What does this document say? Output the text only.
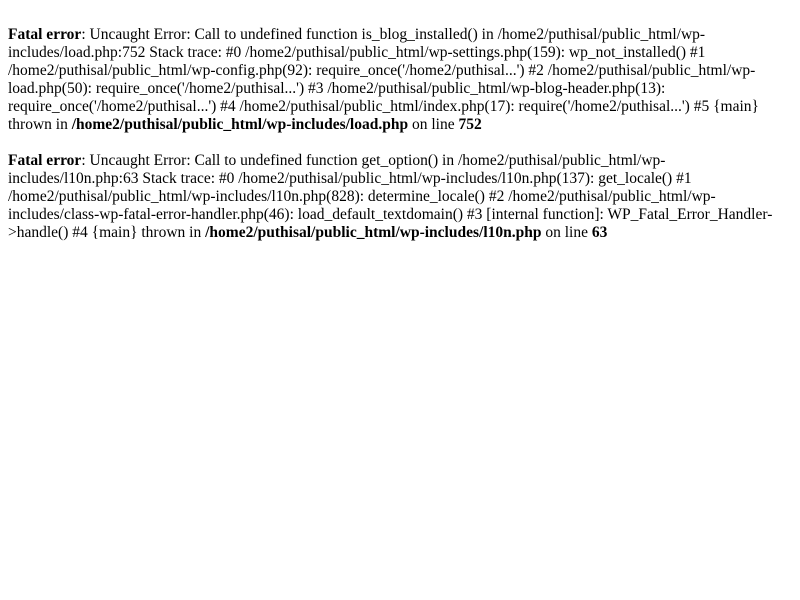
Fatal error: Uncaught Error: Call to undefined function is_blog_installed() in /home2/puthisal/public_html/wp-includes/load.php:752 Stack trace: #0 /home2/puthisal/public_html/wp-settings.php(159): wp_not_installed() #1 /home2/puthisal/public_html/wp-config.php(92): require_once('/home2/puthisal...') #2 /home2/puthisal/public_html/wp-load.php(50): require_once('/home2/puthisal...') #3 /home2/puthisal/public_html/wp-blog-header.php(13): require_once('/home2/puthisal...') #4 /home2/puthisal/public_html/index.php(17): require('/home2/puthisal...') #5 {main} thrown in /home2/puthisal/public_html/wp-includes/load.php on line 752
Fatal error: Uncaught Error: Call to undefined function get_option() in /home2/puthisal/public_html/wp-includes/l10n.php:63 Stack trace: #0 /home2/puthisal/public_html/wp-includes/l10n.php(137): get_locale() #1 /home2/puthisal/public_html/wp-includes/l10n.php(828): determine_locale() #2 /home2/puthisal/public_html/wp-includes/class-wp-fatal-error-handler.php(46): load_default_textdomain() #3 [internal function]: WP_Fatal_Error_Handler->handle() #4 {main} thrown in /home2/puthisal/public_html/wp-includes/l10n.php on line 63
